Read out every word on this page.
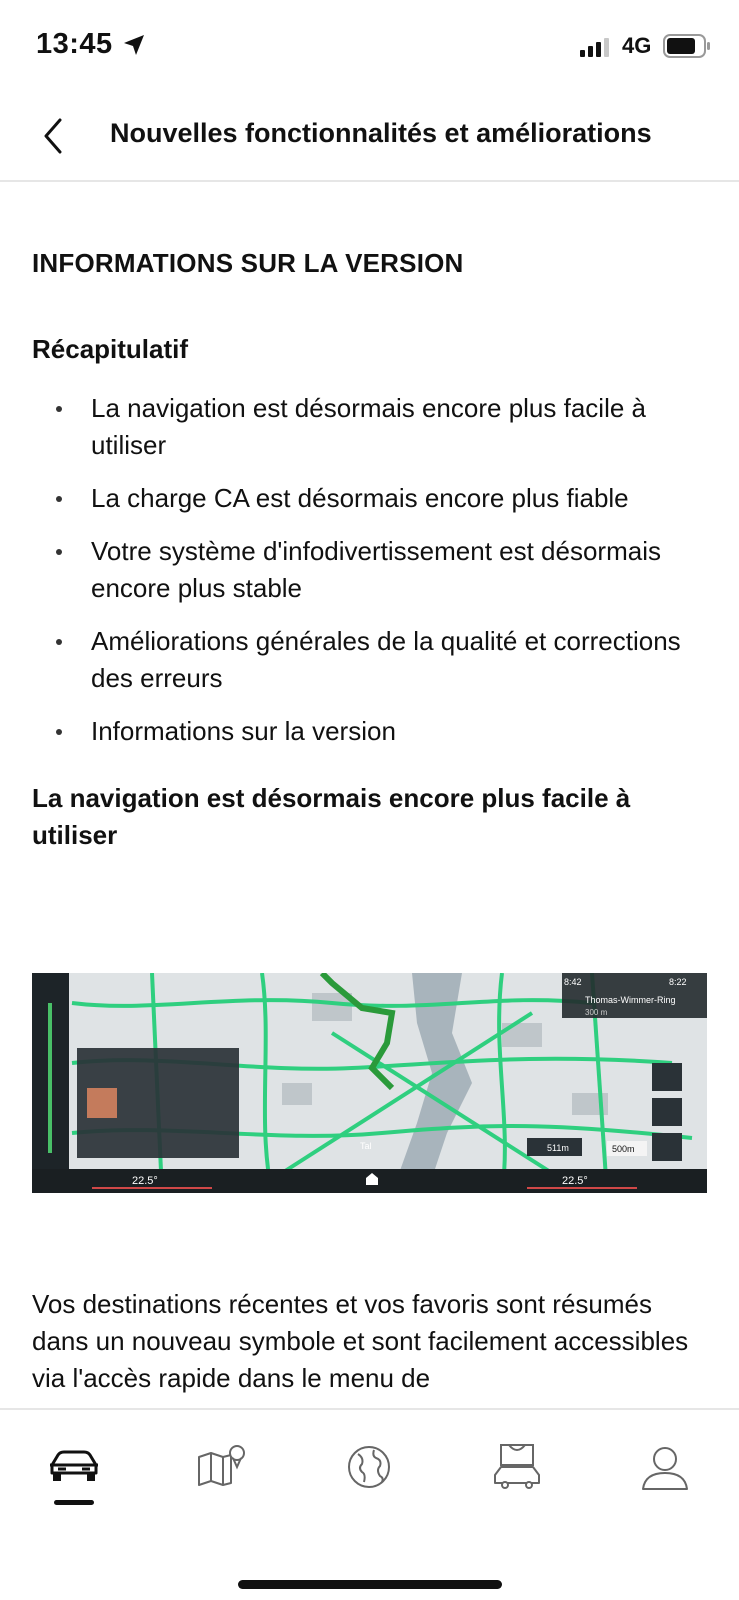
13:45	4G
Nouvelles fonctionnalités et améliorations
INFORMATIONS SUR LA VERSION
Récapitulatif
La navigation est désormais encore plus facile à utiliser
La charge CA est désormais encore plus fiable
Votre système d'infodivertissement est désormais encore plus stable
Améliorations générales de la qualité et corrections des erreurs
Informations sur la version
La navigation est désormais encore plus facile à utiliser
8:42	8:22
Thomas-Wimmer-Ring
300 m
22.5°	22.5°
511m	500m
Tal
Vos destinations récentes et vos favoris sont résumés dans un nouveau symbole et sont facilement accessibles via l'accès rapide dans le menu de
